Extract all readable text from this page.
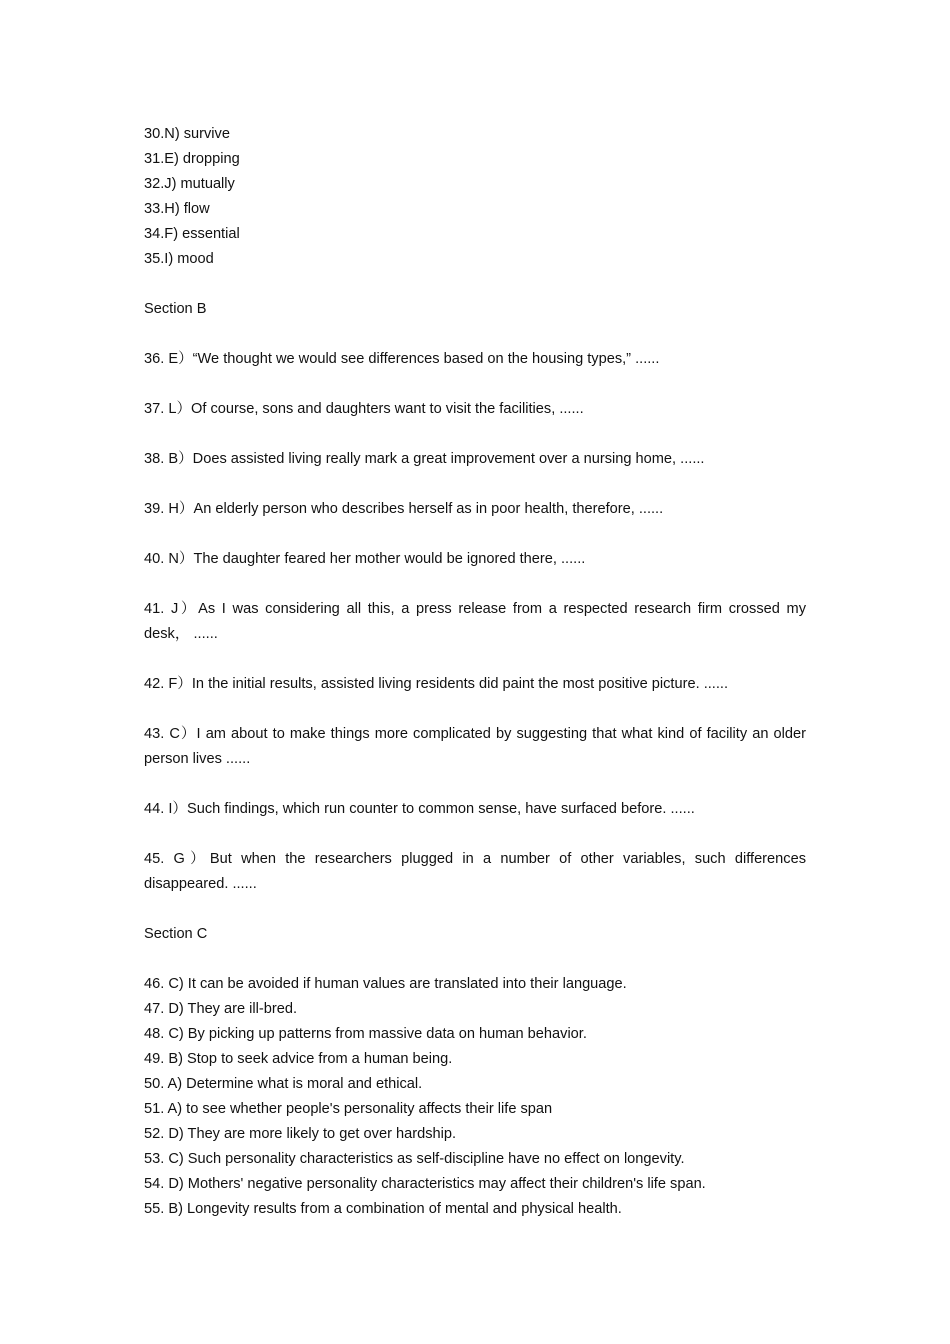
30.N) survive

31.E) dropping

32.J) mutually

33.H) flow

34.F) essential

35.I) mood

Section B

36. E）“We thought we would see differences based on the housing types,” ......

37. L）Of course, sons and daughters want to visit the facilities, ......

38. B）Does assisted living really mark a great improvement over a nursing home, ......

39. H）An elderly person who describes herself as in poor health, therefore, ......

40. N）The daughter feared her mother would be ignored there, ......

41. J）As I was considering all this, a press release from a respected research firm crossed my desk， ......

42. F）In the initial results, assisted living residents did paint the most positive picture. ......

43. C）I am about to make things more complicated by suggesting that what kind of facility an older person lives ......

44. I）Such findings, which run counter to common sense, have surfaced before. ......

45. G）But when the researchers plugged in a number of other variables, such differences disappeared. ......

Section C

46. C) It can be avoided if human values are translated into their language.

47. D) They are ill-bred.

48. C) By picking up patterns from massive data on human behavior.

49. B) Stop to seek advice from a human being.

50. A) Determine what is moral and ethical.

51. A) to see whether people's personality affects their life span

52. D) They are more likely to get over hardship.

53. C) Such personality characteristics as self-discipline have no effect on longevity.

54. D) Mothers' negative personality characteristics may affect their children's life span.

55. B) Longevity results from a combination of mental and physical health.
